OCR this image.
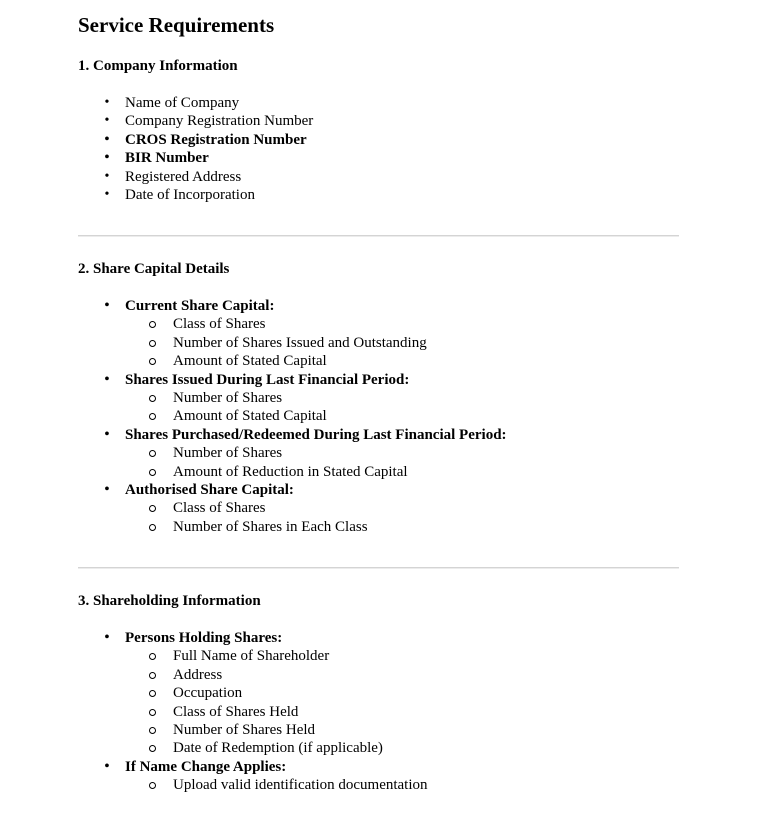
Service Requirements
1. Company Information
• Name of Company
• Company Registration Number
• CROS Registration Number
• BIR Number
• Registered Address
• Date of Incorporation
2. Share Capital Details
• Current Share Capital:
Class of Shares
Number of Shares Issued and Outstanding
Amount of Stated Capital
• Shares Issued During Last Financial Period:
Number of Shares
Amount of Stated Capital
• Shares Purchased/Redeemed During Last Financial Period:
Number of Shares
Amount of Reduction in Stated Capital
• Authorised Share Capital:
Class of Shares
Number of Shares in Each Class
3. Shareholding Information
• Persons Holding Shares:
Full Name of Shareholder
Address
Occupation
Class of Shares Held
Number of Shares Held
Date of Redemption (if applicable)
• If Name Change Applies:
Upload valid identification documentation
